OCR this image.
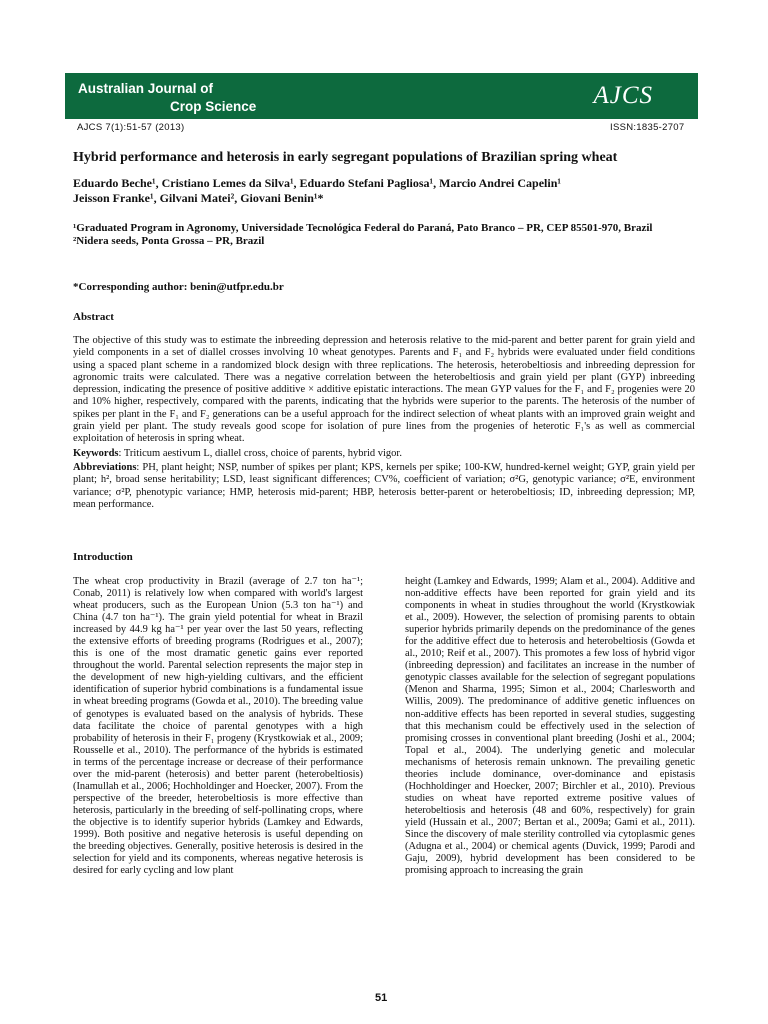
Australian Journal of
Crop Science	AJCS
AJCS 7(1):51-57 (2013)	ISSN:1835-2707
Hybrid performance and heterosis in early segregant populations of Brazilian spring wheat
Eduardo Beche¹, Cristiano Lemes da Silva¹, Eduardo Stefani Pagliosa¹, Marcio Andrei Capelin¹
Jeisson Franke¹, Gilvani Matei², Giovani Benin¹*
¹Graduated Program in Agronomy, Universidade Tecnológica Federal do Paraná, Pato Branco – PR, CEP 85501-970, Brazil
²Nidera seeds, Ponta Grossa – PR, Brazil
*Corresponding author: benin@utfpr.edu.br
Abstract

The objective of this study was to estimate the inbreeding depression and heterosis relative to the mid-parent and better parent for grain yield and yield components in a set of diallel crosses involving 10 wheat genotypes. Parents and F₁ and F₂ hybrids were evaluated under field conditions using a spaced plant scheme in a randomized block design with three replications. The heterosis, heterobeltiosis and inbreeding depression for agronomic traits were calculated. There was a negative correlation between the heterobeltiosis and grain yield per plant (GYP) inbreeding depression, indicating the presence of positive additive × additive epistatic interactions. The mean GYP values for the F₁ and F₂ progenies were 20 and 10% higher, respectively, compared with the parents, indicating that the hybrids were superior to the parents. The heterosis of the number of spikes per plant in the F₁ and F₂ generations can be a useful approach for the indirect selection of wheat plants with an improved grain weight and grain yield per plant. The study reveals good scope for isolation of pure lines from the progenies of heterotic F₁'s as well as commercial exploitation of heterosis in spring wheat.

Keywords: Triticum aestivum L, diallel cross, choice of parents, hybrid vigor.

Abbreviations: PH, plant height; NSP, number of spikes per plant; KPS, kernels per spike; 100-KW, hundred-kernel weight; GYP, grain yield per plant; h², broad sense heritability; LSD, least significant differences; CV%, coefficient of variation; σ²G, genotypic variance; σ²E, environment variance; σ²P, phenotypic variance; HMP, heterosis mid-parent; HBP, heterosis better-parent or heterobeltiosis; ID, inbreeding depression; MP, mean performance.

Introduction

The wheat crop productivity in Brazil (average of 2.7 ton ha⁻¹; Conab, 2011) is relatively low when compared with world's largest wheat producers, such as the European Union (5.3 ton ha⁻¹) and China (4.7 ton ha⁻¹). The grain yield potential for wheat in Brazil increased by 44.9 kg ha⁻¹ per year over the last 50 years, reflecting the extensive efforts of breeding programs (Rodrigues et al., 2007); this is one of the most dramatic genetic gains ever reported throughout the world. Parental selection represents the major step in the development of new high-yielding cultivars, and the efficient identification of superior hybrid combinations is a fundamental issue in wheat breeding programs (Gowda et al., 2010). The breeding value of genotypes is evaluated based on the analysis of hybrids. These data facilitate the choice of parental genotypes with a high probability of heterosis in their F₁ progeny (Krystkowiak et al., 2009; Rousselle et al., 2010). The performance of the hybrids is estimated in terms of the percentage increase or decrease of their performance over the mid-parent (heterosis) and better parent (heterobeltiosis) (Inamullah et al., 2006; Hochholdinger and Hoecker, 2007). From the perspective of the breeder, heterobeltiosis is more effective than heterosis, particularly in the breeding of self-pollinating crops, where the objective is to identify superior hybrids (Lamkey and Edwards, 1999). Both positive and negative heterosis is useful depending on the breeding objectives. Generally, positive heterosis is desired in the selection for yield and its components, whereas negative heterosis is desired for early cycling and low plant

height (Lamkey and Edwards, 1999; Alam et al., 2004). Additive and non-additive effects have been reported for grain yield and its components in wheat in studies throughout the world (Krystkowiak et al., 2009). However, the selection of promising parents to obtain superior hybrids primarily depends on the predominance of the genes for the additive effect due to heterosis and heterobeltiosis (Gowda et al., 2010; Reif et al., 2007). This promotes a few loss of hybrid vigor (inbreeding depression) and facilitates an increase in the number of genotypic classes available for the selection of segregant populations (Menon and Sharma, 1995; Simon et al., 2004; Charlesworth and Willis, 2009). The predominance of additive genetic influences on non-additive effects has been reported in several studies, suggesting that this mechanism could be effectively used in the selection of promising crosses in conventional plant breeding (Joshi et al., 2004; Topal et al., 2004). The underlying genetic and molecular mechanisms of heterosis remain unknown. The prevailing genetic theories include dominance, over-dominance and epistasis (Hochholdinger and Hoecker, 2007; Birchler et al., 2010). Previous studies on wheat have reported extreme positive values of heterobeltiosis and heterosis (48 and 60%, respectively) for grain yield (Hussain et al., 2007; Bertan et al., 2009a; Gami et al., 2011). Since the discovery of male sterility controlled via cytoplasmic genes (Adugna et al., 2004) or chemical agents (Duvick, 1999; Parodi and Gaju, 2009), hybrid development has been considered to be promising approach to increasing the grain

51
